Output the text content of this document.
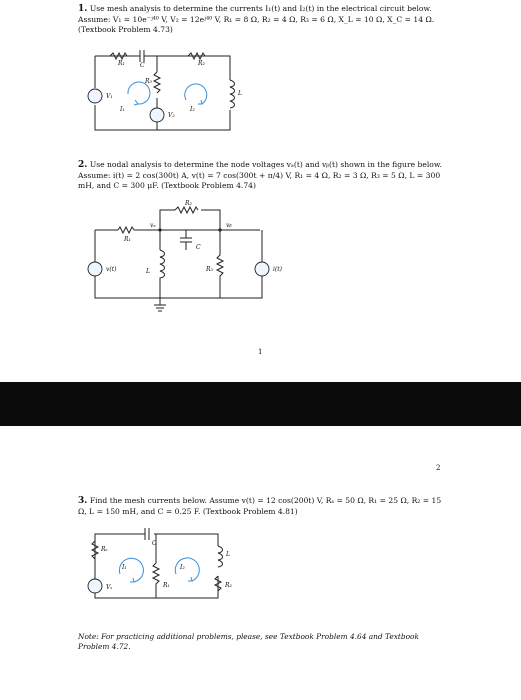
1. Use mesh analysis to determine the currents I₁(t) and I₂(t) in the electrical circuit below. Assume: V₁ = 10e⁻ʲ⁴⁰ V, V₂ = 12eʲ⁴⁰ V, R₁ = 8 Ω, R₂ = 4 Ω, R₃ = 6 Ω, X_L = 10 Ω, X_C = 14 Ω. (Textbook Problem 4.73)
R₁	C	R₂
R₃
L
V₁
I₁	I₂
V₂
2. Use nodal analysis to determine the node voltages vₐ(t) and vᵦ(t) shown in the figure below. Assume: i(t) = 2 cos(300t) A, v(t) = 7 cos(300t + π/4) V, R₁ = 4 Ω, R₂ = 3 Ω, R₃ = 5 Ω, L = 300 mH, and C = 300 μF. (Textbook Problem 4.74)
R₂
R₁
C
vₐ	vᵦ
L	R₃
v(t)	i(t)
1
2
3. Find the mesh currents below. Assume v(t) = 12 cos(200t) V, Rₛ = 50 Ω, R₁ = 25 Ω, R₂ = 15 Ω, L = 150 mH, and C = 0.25 F. (Textbook Problem 4.81)
Rₛ
C
L
Vₛ
I₁
R₁
I₂
R₂
Note: For practicing additional problems, please, see Textbook Problem 4.64 and Textbook Problem 4.72.
